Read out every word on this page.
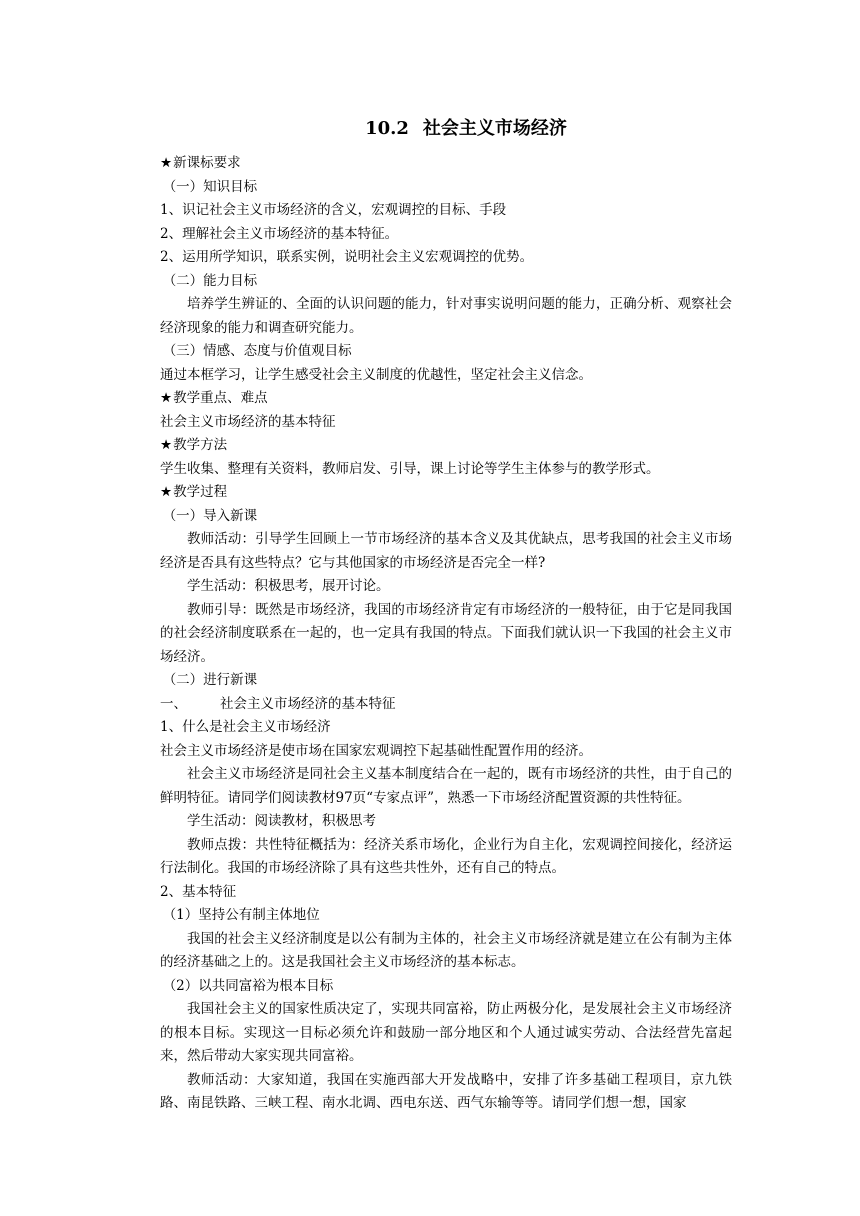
10.2 社会主义市场经济

★新课标要求

（一）知识目标

1、识记社会主义市场经济的含义，宏观调控的目标、手段

2、理解社会主义市场经济的基本特征。

2、运用所学知识，联系实例，说明社会主义宏观调控的优势。

（二）能力目标

培养学生辨证的、全面的认识问题的能力，针对事实说明问题的能力，正确分析、观察社会经济现象的能力和调查研究能力。

（三）情感、态度与价值观目标

通过本框学习，让学生感受社会主义制度的优越性，坚定社会主义信念。

★教学重点、难点

社会主义市场经济的基本特征

★教学方法

学生收集、整理有关资料，教师启发、引导，课上讨论等学生主体参与的教学形式。

★教学过程

（一）导入新课

教师活动：引导学生回顾上一节市场经济的基本含义及其优缺点，思考我国的社会主义市场经济是否具有这些特点？它与其他国家的市场经济是否完全一样?

学生活动：积极思考，展开讨论。

教师引导：既然是市场经济，我国的市场经济肯定有市场经济的一般特征，由于它是同我国的社会经济制度联系在一起的，也一定具有我国的特点。下面我们就认识一下我国的社会主义市场经济。

（二）进行新课

一、 社会主义市场经济的基本特征

1、什么是社会主义市场经济

社会主义市场经济是使市场在国家宏观调控下起基础性配置作用的经济。

社会主义市场经济是同社会主义基本制度结合在一起的，既有市场经济的共性，由于自己的鲜明特征。请同学们阅读教材97页“专家点评”，熟悉一下市场经济配置资源的共性特征。

学生活动：阅读教材，积极思考

教师点拨：共性特征概括为：经济关系市场化，企业行为自主化，宏观调控间接化，经济运行法制化。我国的市场经济除了具有这些共性外，还有自己的特点。

2、基本特征

（1）坚持公有制主体地位

我国的社会主义经济制度是以公有制为主体的，社会主义市场经济就是建立在公有制为主体的经济基础之上的。这是我国社会主义市场经济的基本标志。

（2）以共同富裕为根本目标

我国社会主义的国家性质决定了，实现共同富裕，防止两极分化，是发展社会主义市场经济的根本目标。实现这一目标必须允许和鼓励一部分地区和个人通过诚实劳动、合法经营先富起来，然后带动大家实现共同富裕。

教师活动：大家知道，我国在实施西部大开发战略中，安排了许多基础工程项目，京九铁路、南昆铁路、三峡工程、南水北调、西电东送、西气东输等等。请同学们想一想，国家
